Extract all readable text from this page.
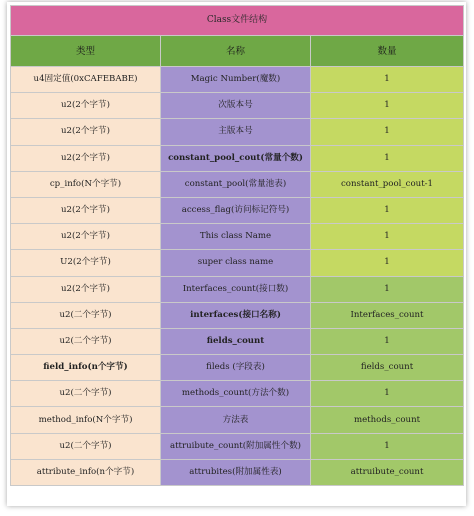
Class文件结构		
类型	名称	数量
u4固定值(0xCAFEBABE)	Magic Number(魔数)	1
u2(2个字节)	次版本号	1
u2(2个字节)	主版本号	1
u2(2个字节)	constant_pool_cout(常量个数)	1
cp_info(N个字节)	constant_pool(常量池表)	constant_pool_cout-1
u2(2个字节)	access_flag(访问标记符号)	1
u2(2个字节)	This class Name	1
U2(2个字节)	super class name	1
u2(2个字节)	Interfaces_count(接口数)	1
u2(二个字节)	interfaces(接口名称)	Interfaces_count
u2(二个字节)	fields_count	1
field_info(n个字节)	fileds (字段表)	fields_count
u2(二个字节)	methods_count(方法个数)	1
method_info(N个字节)	方法表	methods_count
u2(二个字节)	attruibute_count(附加属性个数)	1
attribute_info(n个字节)	attrubites(附加属性表)	attruibute_count
